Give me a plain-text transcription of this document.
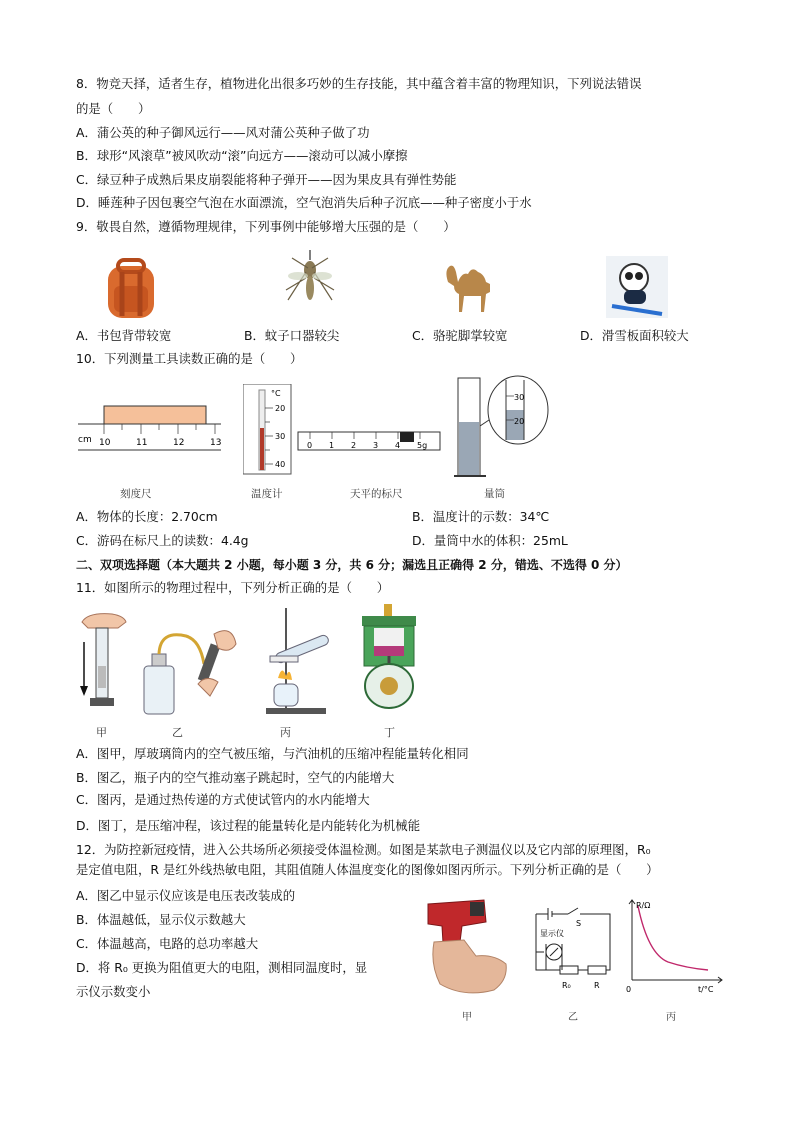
8．物竞天择，适者生存，植物进化出很多巧妙的生存技能，其中蕴含着丰富的物理知识，下列说法错误
的是（　　）
A．蒲公英的种子御风远行——风对蒲公英种子做了功
B．球形“风滚草”被风吹动“滚”向远方——滚动可以减小摩擦
C．绿豆种子成熟后果皮崩裂能将种子弹开——因为果皮具有弹性势能
D．睡莲种子因包裹空气泡在水面漂流，空气泡消失后种子沉底——种子密度小于水
9．敬畏自然，遵循物理规律，下列事例中能够增大压强的是（　　）
A．书包背带较宽	B．蚊子口器较尖	C．骆驼脚掌较宽	D．滑雪板面积较大
10．下列测量工具读数正确的是（　　）
cm 10	11	12	13
刻度尺
°C
20
30
40
温度计
0 1 2 3 4 5g
天平的标尺
30
20
量筒
A．物体的长度：2.70cm	B．温度计的示数：34℃
C．游码在标尺上的读数：4.4g	D．量筒中水的体积：25mL
二、双项选择题（本大题共 2 小题，每小题 3 分，共 6 分；漏选且正确得 2 分，错选、不选得 0 分）
11．如图所示的物理过程中，下列分析正确的是（　　）
甲	乙	丙	丁
A．图甲，厚玻璃筒内的空气被压缩，与汽油机的压缩冲程能量转化相同
B．图乙，瓶子内的空气推动塞子跳起时，空气的内能增大
C．图丙，是通过热传递的方式使试管内的水内能增大
D．图丁，是压缩冲程，该过程的能量转化是内能转化为机械能
12．为防控新冠疫情，进入公共场所必须接受体温检测。如图是某款电子测温仪以及它内部的原理图，R₀
是定值电阻，R 是红外线热敏电阻，其阻值随人体温度变化的图像如图丙所示。下列分析正确的是（　　）
A．图乙中显示仪应该是电压表改装成的
B．体温越低，显示仪示数越大
C．体温越高，电路的总功率越大
D．将 R₀ 更换为阻值更大的电阻，测相同温度时，显
示仪示数变小
甲
显示仪
S
R₀	R
乙
R/Ω
t/°C
0
丙
